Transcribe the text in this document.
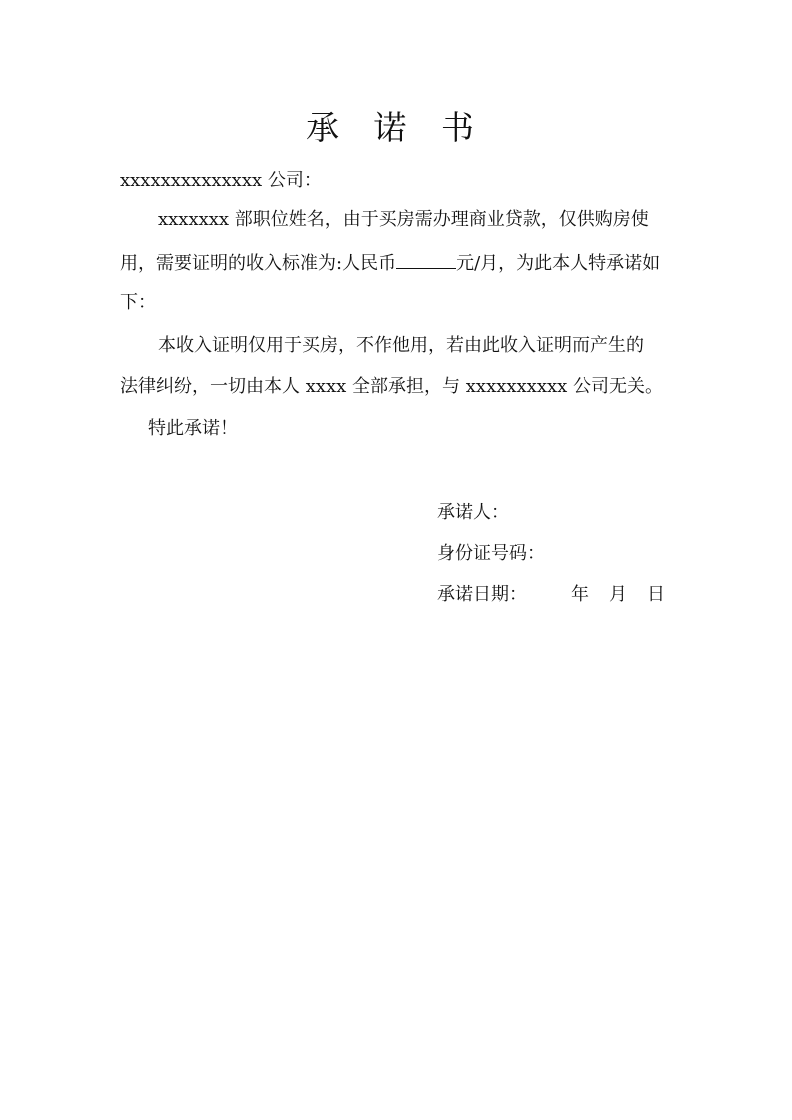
承 诺 书

xxxxxxxxxxxxxx 公司：

xxxxxxx 部职位姓名，由于买房需办理商业贷款，仅供购房使

用，需要证明的收入标准为:人民币	元/月，为此本人特承诺如

下：

本收入证明仅用于买房，不作他用，若由此收入证明而产生的

法律纠纷，一切由本人 xxxx 全部承担，与 xxxxxxxxxx 公司无关。

特此承诺！

承诺人：

身份证号码：

承诺日期： 年 月 日
